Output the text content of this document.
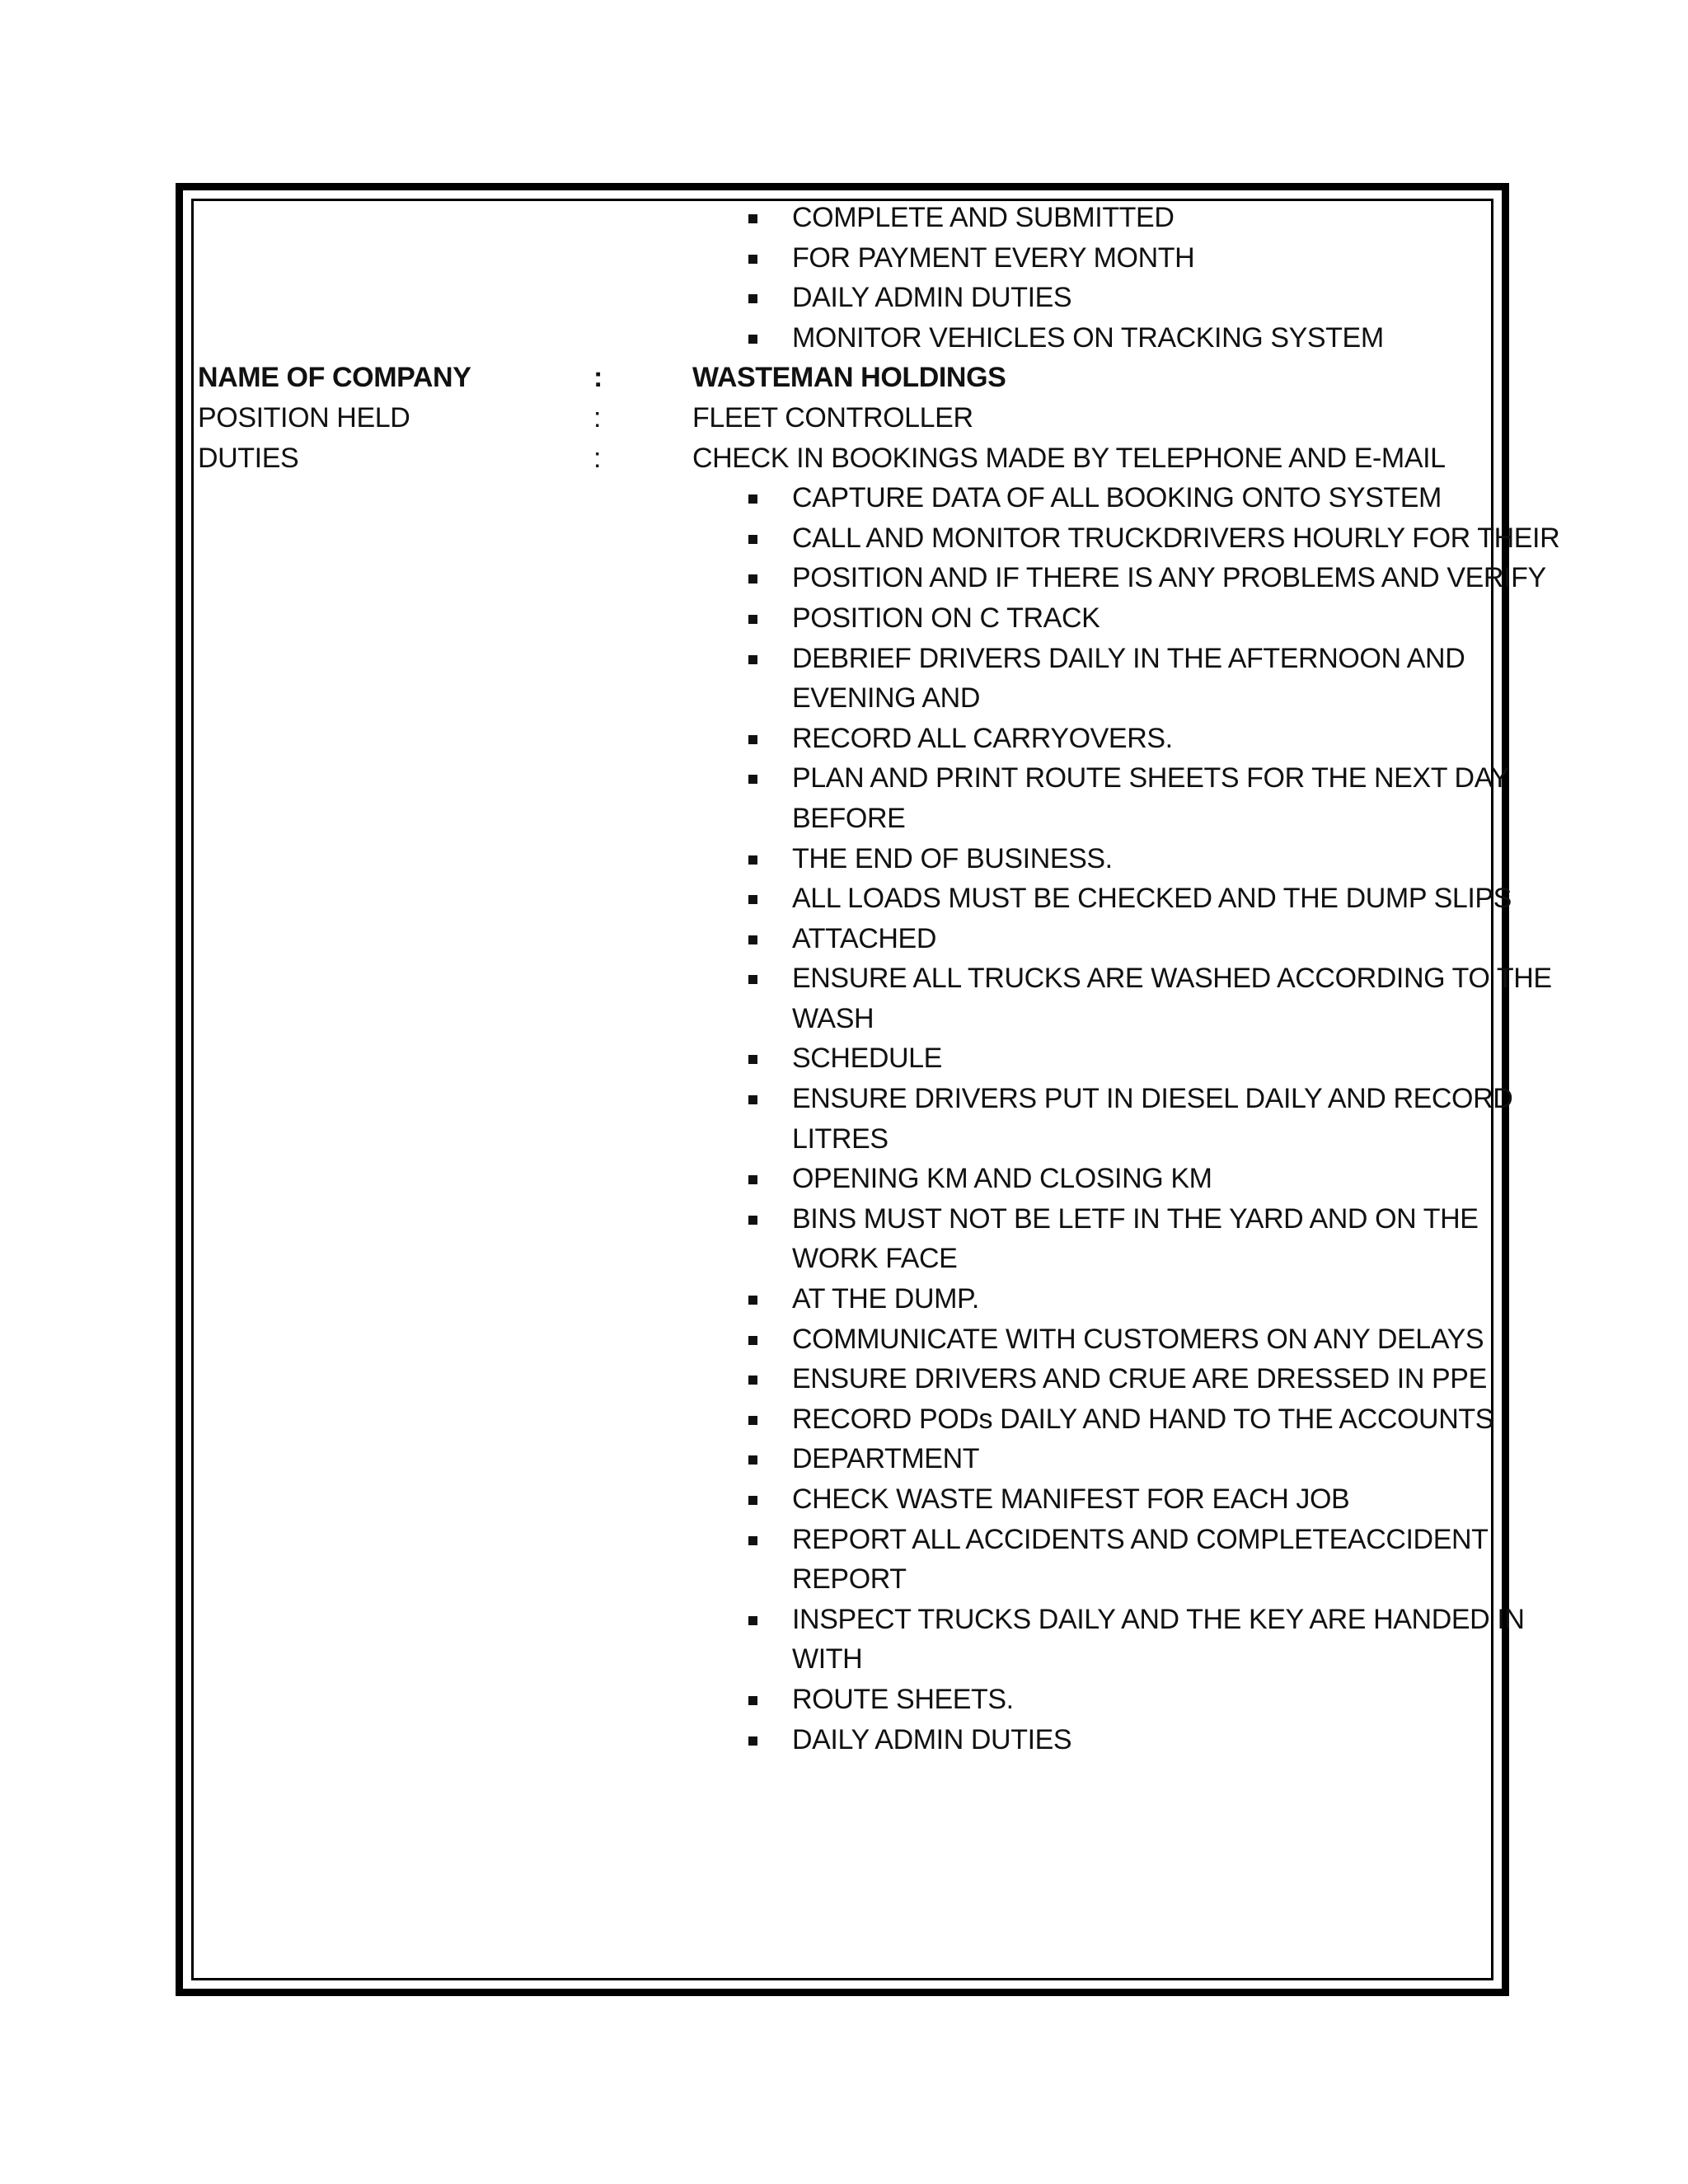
COMPLETE AND SUBMITTED
FOR PAYMENT EVERY MONTH
DAILY ADMIN DUTIES
MONITOR VEHICLES ON TRACKING SYSTEM
NAME OF COMPANY	:	WASTEMAN HOLDINGS
POSITION HELD	:	FLEET CONTROLLER
DUTIES	:	CHECK IN BOOKINGS MADE BY TELEPHONE AND E-MAIL
CAPTURE DATA OF ALL BOOKING ONTO SYSTEM
CALL AND MONITOR TRUCKDRIVERS HOURLY FOR THEIR
POSITION AND IF THERE IS ANY PROBLEMS AND VERIFY
POSITION ON C TRACK
DEBRIEF DRIVERS DAILY IN THE AFTERNOON AND
EVENING AND
RECORD ALL CARRYOVERS.
PLAN AND PRINT ROUTE SHEETS FOR THE NEXT DAY
BEFORE
THE END OF BUSINESS.
ALL LOADS MUST BE CHECKED AND THE DUMP SLIPS
ATTACHED
ENSURE ALL TRUCKS ARE WASHED ACCORDING TO THE
WASH
SCHEDULE
ENSURE DRIVERS PUT IN DIESEL DAILY AND RECORD
LITRES
OPENING KM AND CLOSING KM
BINS MUST NOT BE LETF IN THE YARD AND ON THE
WORK FACE
AT THE DUMP.
COMMUNICATE WITH CUSTOMERS ON ANY DELAYS
ENSURE DRIVERS AND CRUE ARE DRESSED IN PPE
RECORD PODs DAILY AND HAND TO THE ACCOUNTS
DEPARTMENT
CHECK WASTE MANIFEST FOR EACH JOB
REPORT ALL ACCIDENTS AND COMPLETEACCIDENT
REPORT
INSPECT TRUCKS DAILY AND THE KEY ARE HANDED IN
WITH
ROUTE SHEETS.
DAILY ADMIN DUTIES
